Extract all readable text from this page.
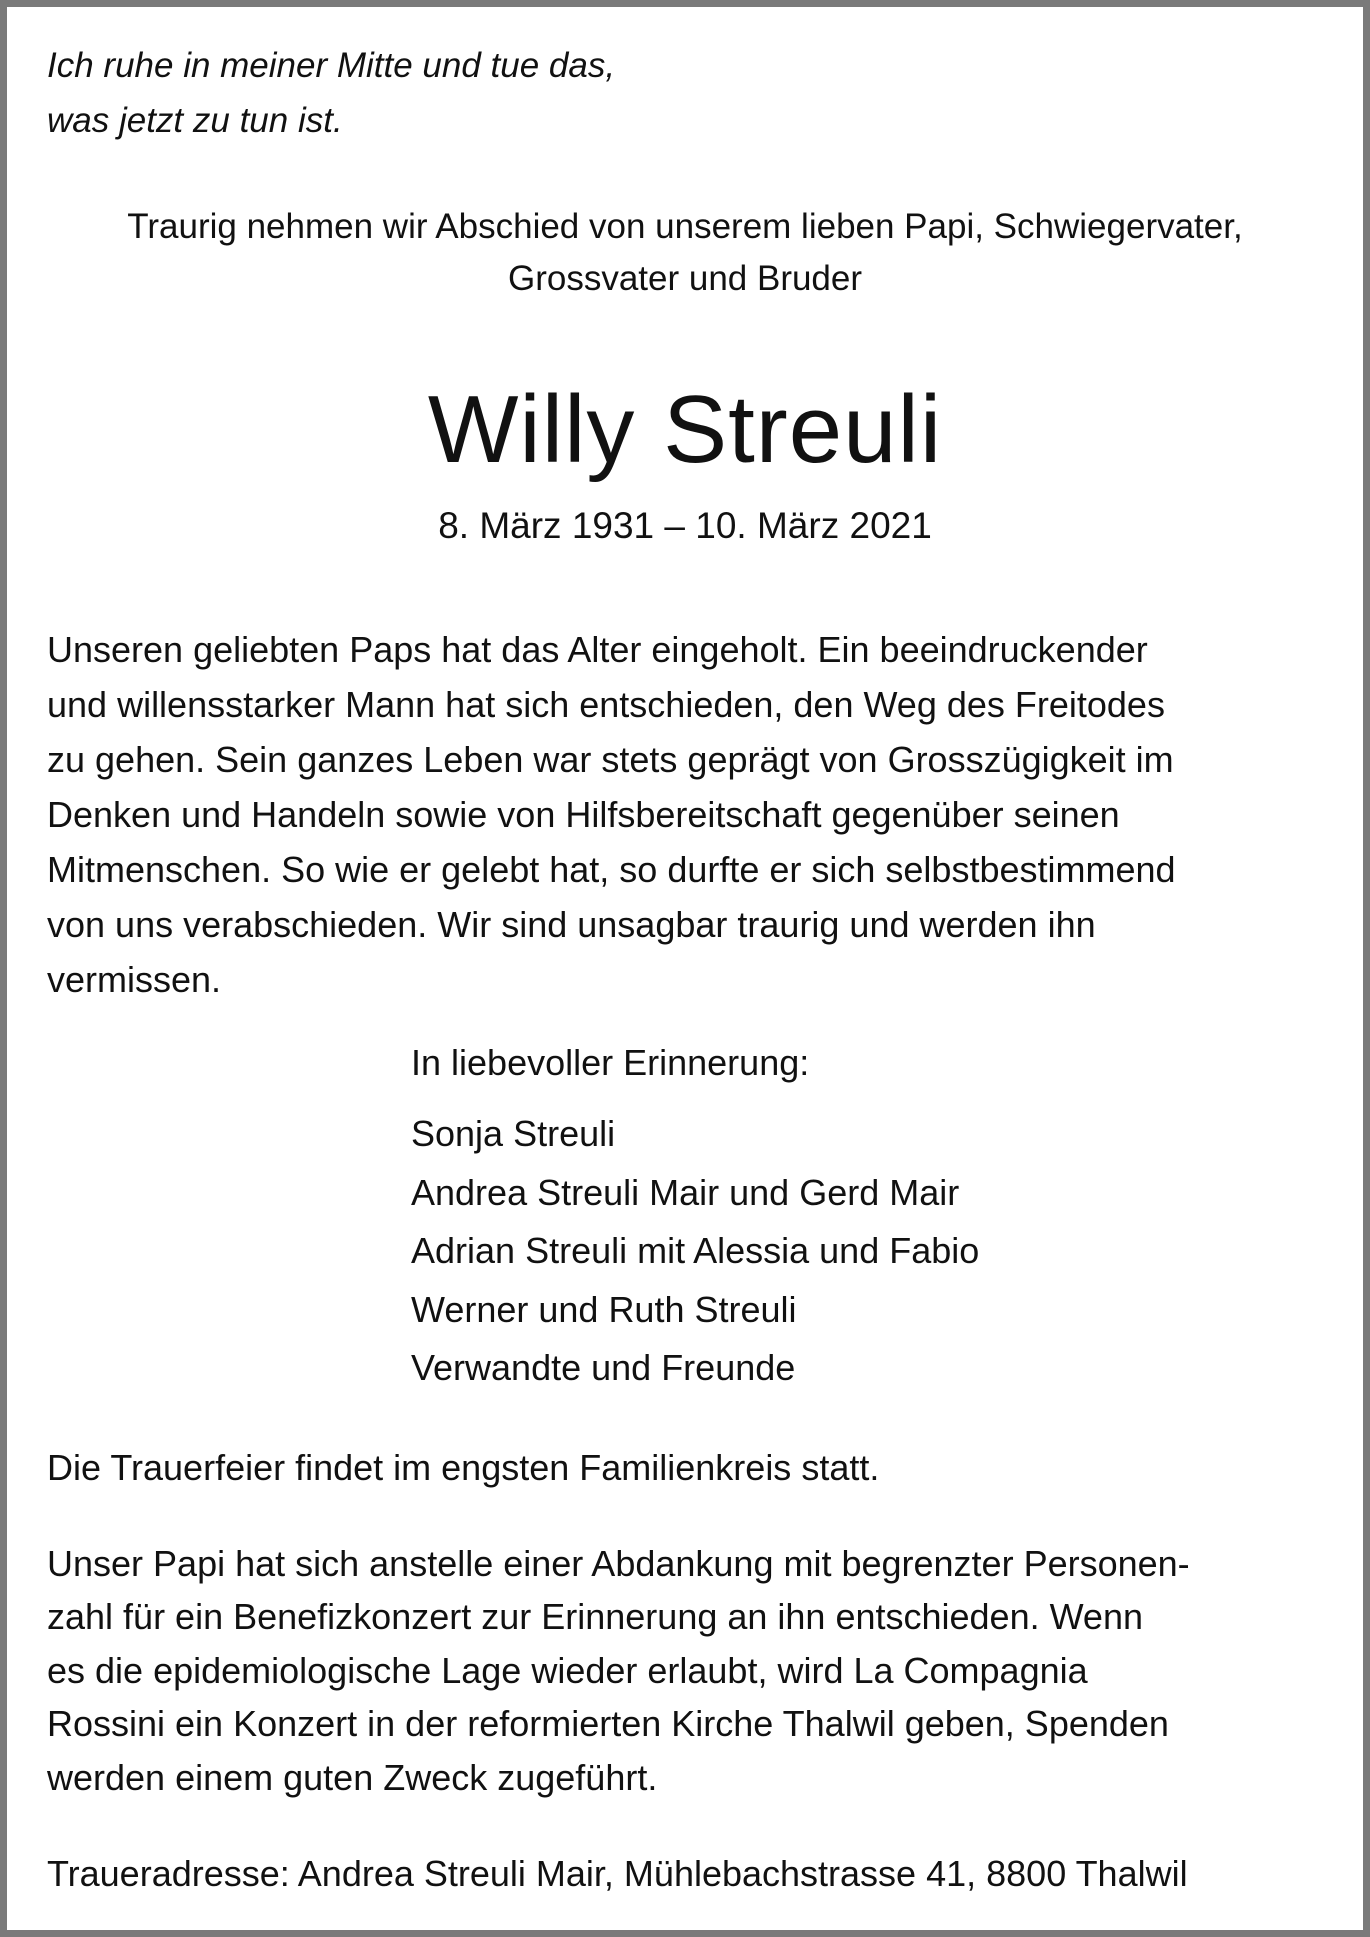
Ich ruhe in meiner Mitte und tue das,
was jetzt zu tun ist.

Traurig nehmen wir Abschied von unserem lieben Papi, Schwiegervater,
Grossvater und Bruder

Willy Streuli

8. März 1931 – 10. März 2021

Unseren geliebten Paps hat das Alter eingeholt. Ein beeindruckender
und willensstarker Mann hat sich entschieden, den Weg des Freitodes
zu gehen. Sein ganzes Leben war stets geprägt von Grosszügigkeit im
Denken und Handeln sowie von Hilfsbereitschaft gegenüber seinen
Mitmenschen. So wie er gelebt hat, so durfte er sich selbstbestimmend
von uns verabschieden. Wir sind unsagbar traurig und werden ihn
vermissen.

In liebevoller Erinnerung:

Sonja Streuli
Andrea Streuli Mair und Gerd Mair
Adrian Streuli mit Alessia und Fabio
Werner und Ruth Streuli
Verwandte und Freunde

Die Trauerfeier findet im engsten Familienkreis statt.

Unser Papi hat sich anstelle einer Abdankung mit begrenzter Personen-
zahl für ein Benefizkonzert zur Erinnerung an ihn entschieden. Wenn
es die epidemiologische Lage wieder erlaubt, wird La Compagnia
Rossini ein Konzert in der reformierten Kirche Thalwil geben, Spenden
werden einem guten Zweck zugeführt.

Traueradresse: Andrea Streuli Mair, Mühlebachstrasse 41, 8800 Thalwil
